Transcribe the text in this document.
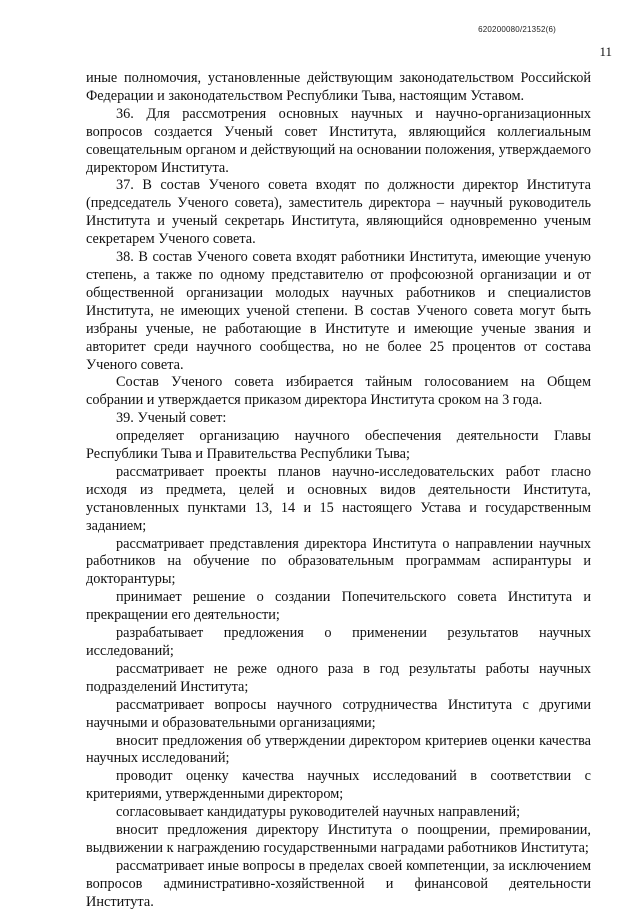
620200080/21352(6)
11

иные полномочия, установленные действующим законодательством Российской Федерации и законодательством Республики Тыва, настоящим Уставом.

36. Для рассмотрения основных научных и научно-организационных вопросов создается Ученый совет Института, являющийся коллегиальным совещательным органом и действующий на основании положения, утверждаемого директором Института.

37. В состав Ученого совета входят по должности директор Института (председатель Ученого совета), заместитель директора – научный руководитель Института и ученый секретарь Института, являющийся одновременно ученым секретарем Ученого совета.

38. В состав Ученого совета входят работники Института, имеющие ученую степень, а также по одному представителю от профсоюзной организации и от общественной организации молодых научных работников и специалистов Института, не имеющих ученой степени. В состав Ученого совета могут быть избраны ученые, не работающие в Институте и имеющие ученые звания и авторитет среди научного сообщества, но не более 25 процентов от состава Ученого совета.

Состав Ученого совета избирается тайным голосованием на Общем собрании и утверждается приказом директора Института сроком на 3 года.

39. Ученый совет:

определяет организацию научного обеспечения деятельности Главы Республики Тыва и Правительства Республики Тыва;

рассматривает проекты планов научно-исследовательских работ гласно исходя из предмета, целей и основных видов деятельности Института, установленных пунктами 13, 14 и 15 настоящего Устава и государственным заданием;

рассматривает представления директора Института о направлении научных работников на обучение по образовательным программам аспирантуры и докторантуры;

принимает решение о создании Попечительского совета Института и прекращении его деятельности;

разрабатывает предложения о применении результатов научных исследований;

рассматривает не реже одного раза в год результаты работы научных подразделений Института;

рассматривает вопросы научного сотрудничества Института с другими научными и образовательными организациями;

вносит предложения об утверждении директором критериев оценки качества научных исследований;

проводит оценку качества научных исследований в соответствии с критериями, утвержденными директором;

согласовывает кандидатуры руководителей научных направлений;

вносит предложения директору Института о поощрении, премировании, выдвижении к награждению государственными наградами работников Института;

рассматривает иные вопросы в пределах своей компетенции, за исключением вопросов административно-хозяйственной и финансовой деятельности Института.
